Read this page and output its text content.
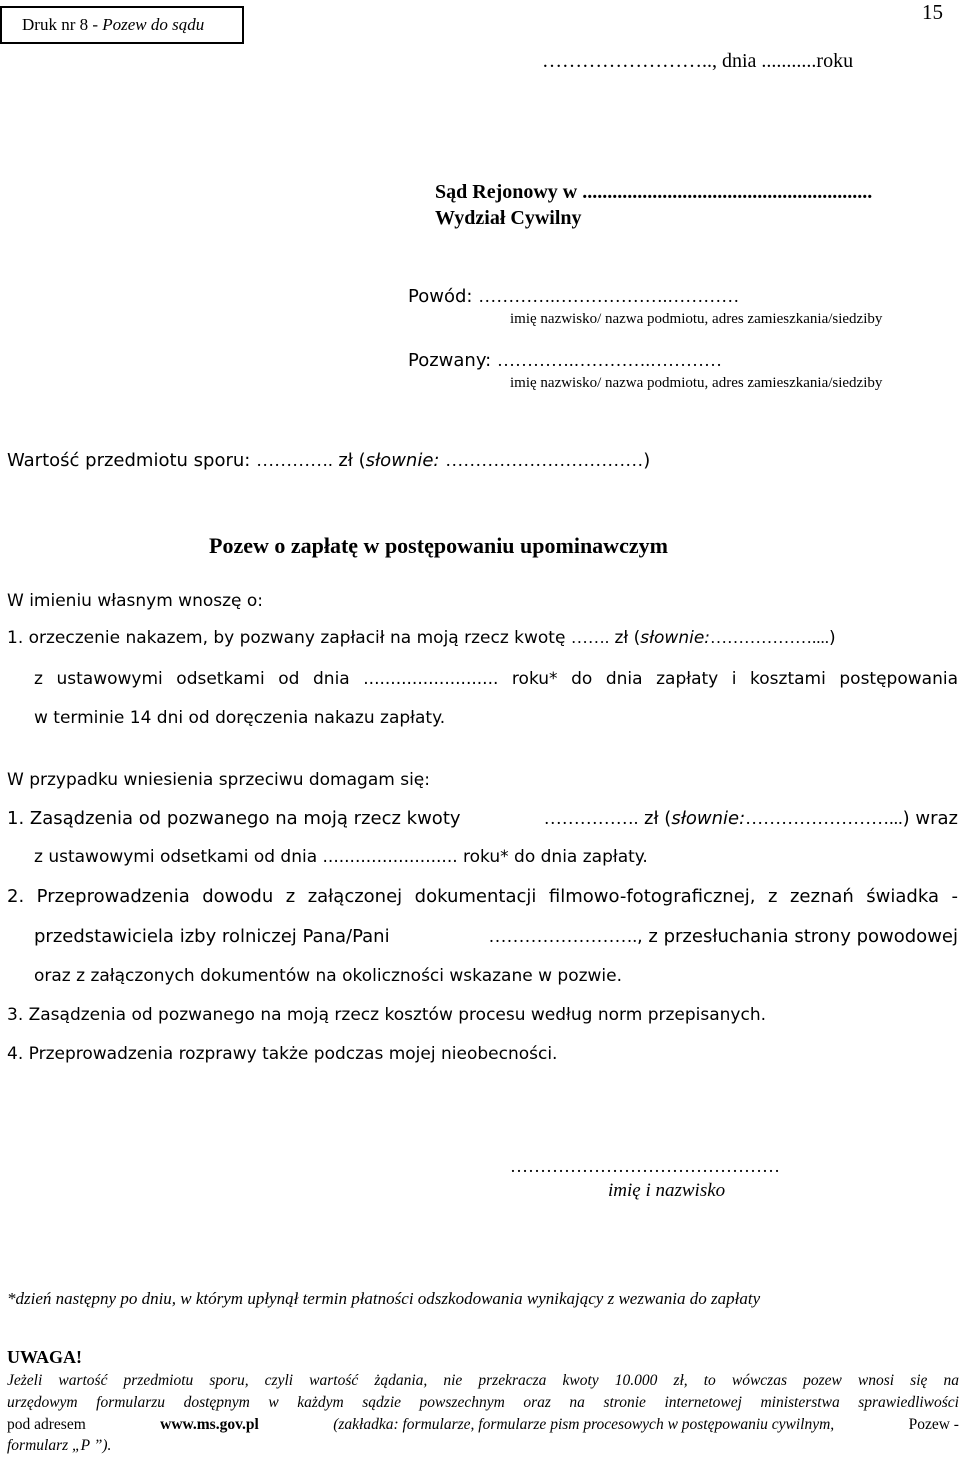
Druk nr 8 - Pozew do sądu
15
…………………….., dnia ...........roku
Sąd Rejonowy w ..........................................................
Wydział Cywilny
Powód: ………….……………….…………
imię nazwisko/ nazwa podmiotu, adres zamieszkania/siedziby
Pozwany: ………….………….…………
imię nazwisko/ nazwa podmiotu, adres zamieszkania/siedziby
Wartość przedmiotu sporu: …………. zł (słownie: ……………………………)
Pozew o zapłatę w postępowaniu upominawczym
W imieniu własnym wnoszę o:
1. orzeczenie nakazem, by pozwany zapłacił na moją rzecz kwotę ……. zł (słownie:………………....)
z ustawowymi odsetkami od dnia ......................... roku* do dnia zapłaty i kosztami postępowania
w terminie 14 dni od doręczenia nakazu zapłaty.
W przypadku wniesienia sprzeciwu domagam się:
1. Zasądzenia od pozwanego na moją rzecz kwoty	……………. zł (słownie:……………………...) wraz
z ustawowymi odsetkami od dnia ......................... roku* do dnia zapłaty.
2. Przeprowadzenia dowodu z załączonej dokumentacji filmowo-fotograficznej, z zeznań świadka -
przedstawiciela izby rolniczej Pana/Pani	……………………., z przesłuchania strony powodowej
oraz z załączonych dokumentów na okoliczności wskazane w pozwie.
3. Zasądzenia od pozwanego na moją rzecz kosztów procesu według norm przepisanych.
4. Przeprowadzenia rozprawy także podczas mojej nieobecności.
………………………………………
imię i nazwisko
*dzień następny po dniu, w którym upłynął termin płatności odszkodowania wynikający z wezwania do zapłaty
UWAGA!
Jeżeli wartość przedmiotu sporu, czyli wartość żądania, nie przekracza kwoty 10.000 zł, to wówczas pozew wnosi się na
urzędowym formularzu dostępnym w każdym sądzie powszechnym oraz na stronie internetowej ministerstwa sprawiedliwości
pod adresem	www.ms.gov.pl	(zakładka: formularze, formularze pism procesowych w postępowaniu cywilnym,	Pozew -
formularz „P ”).
